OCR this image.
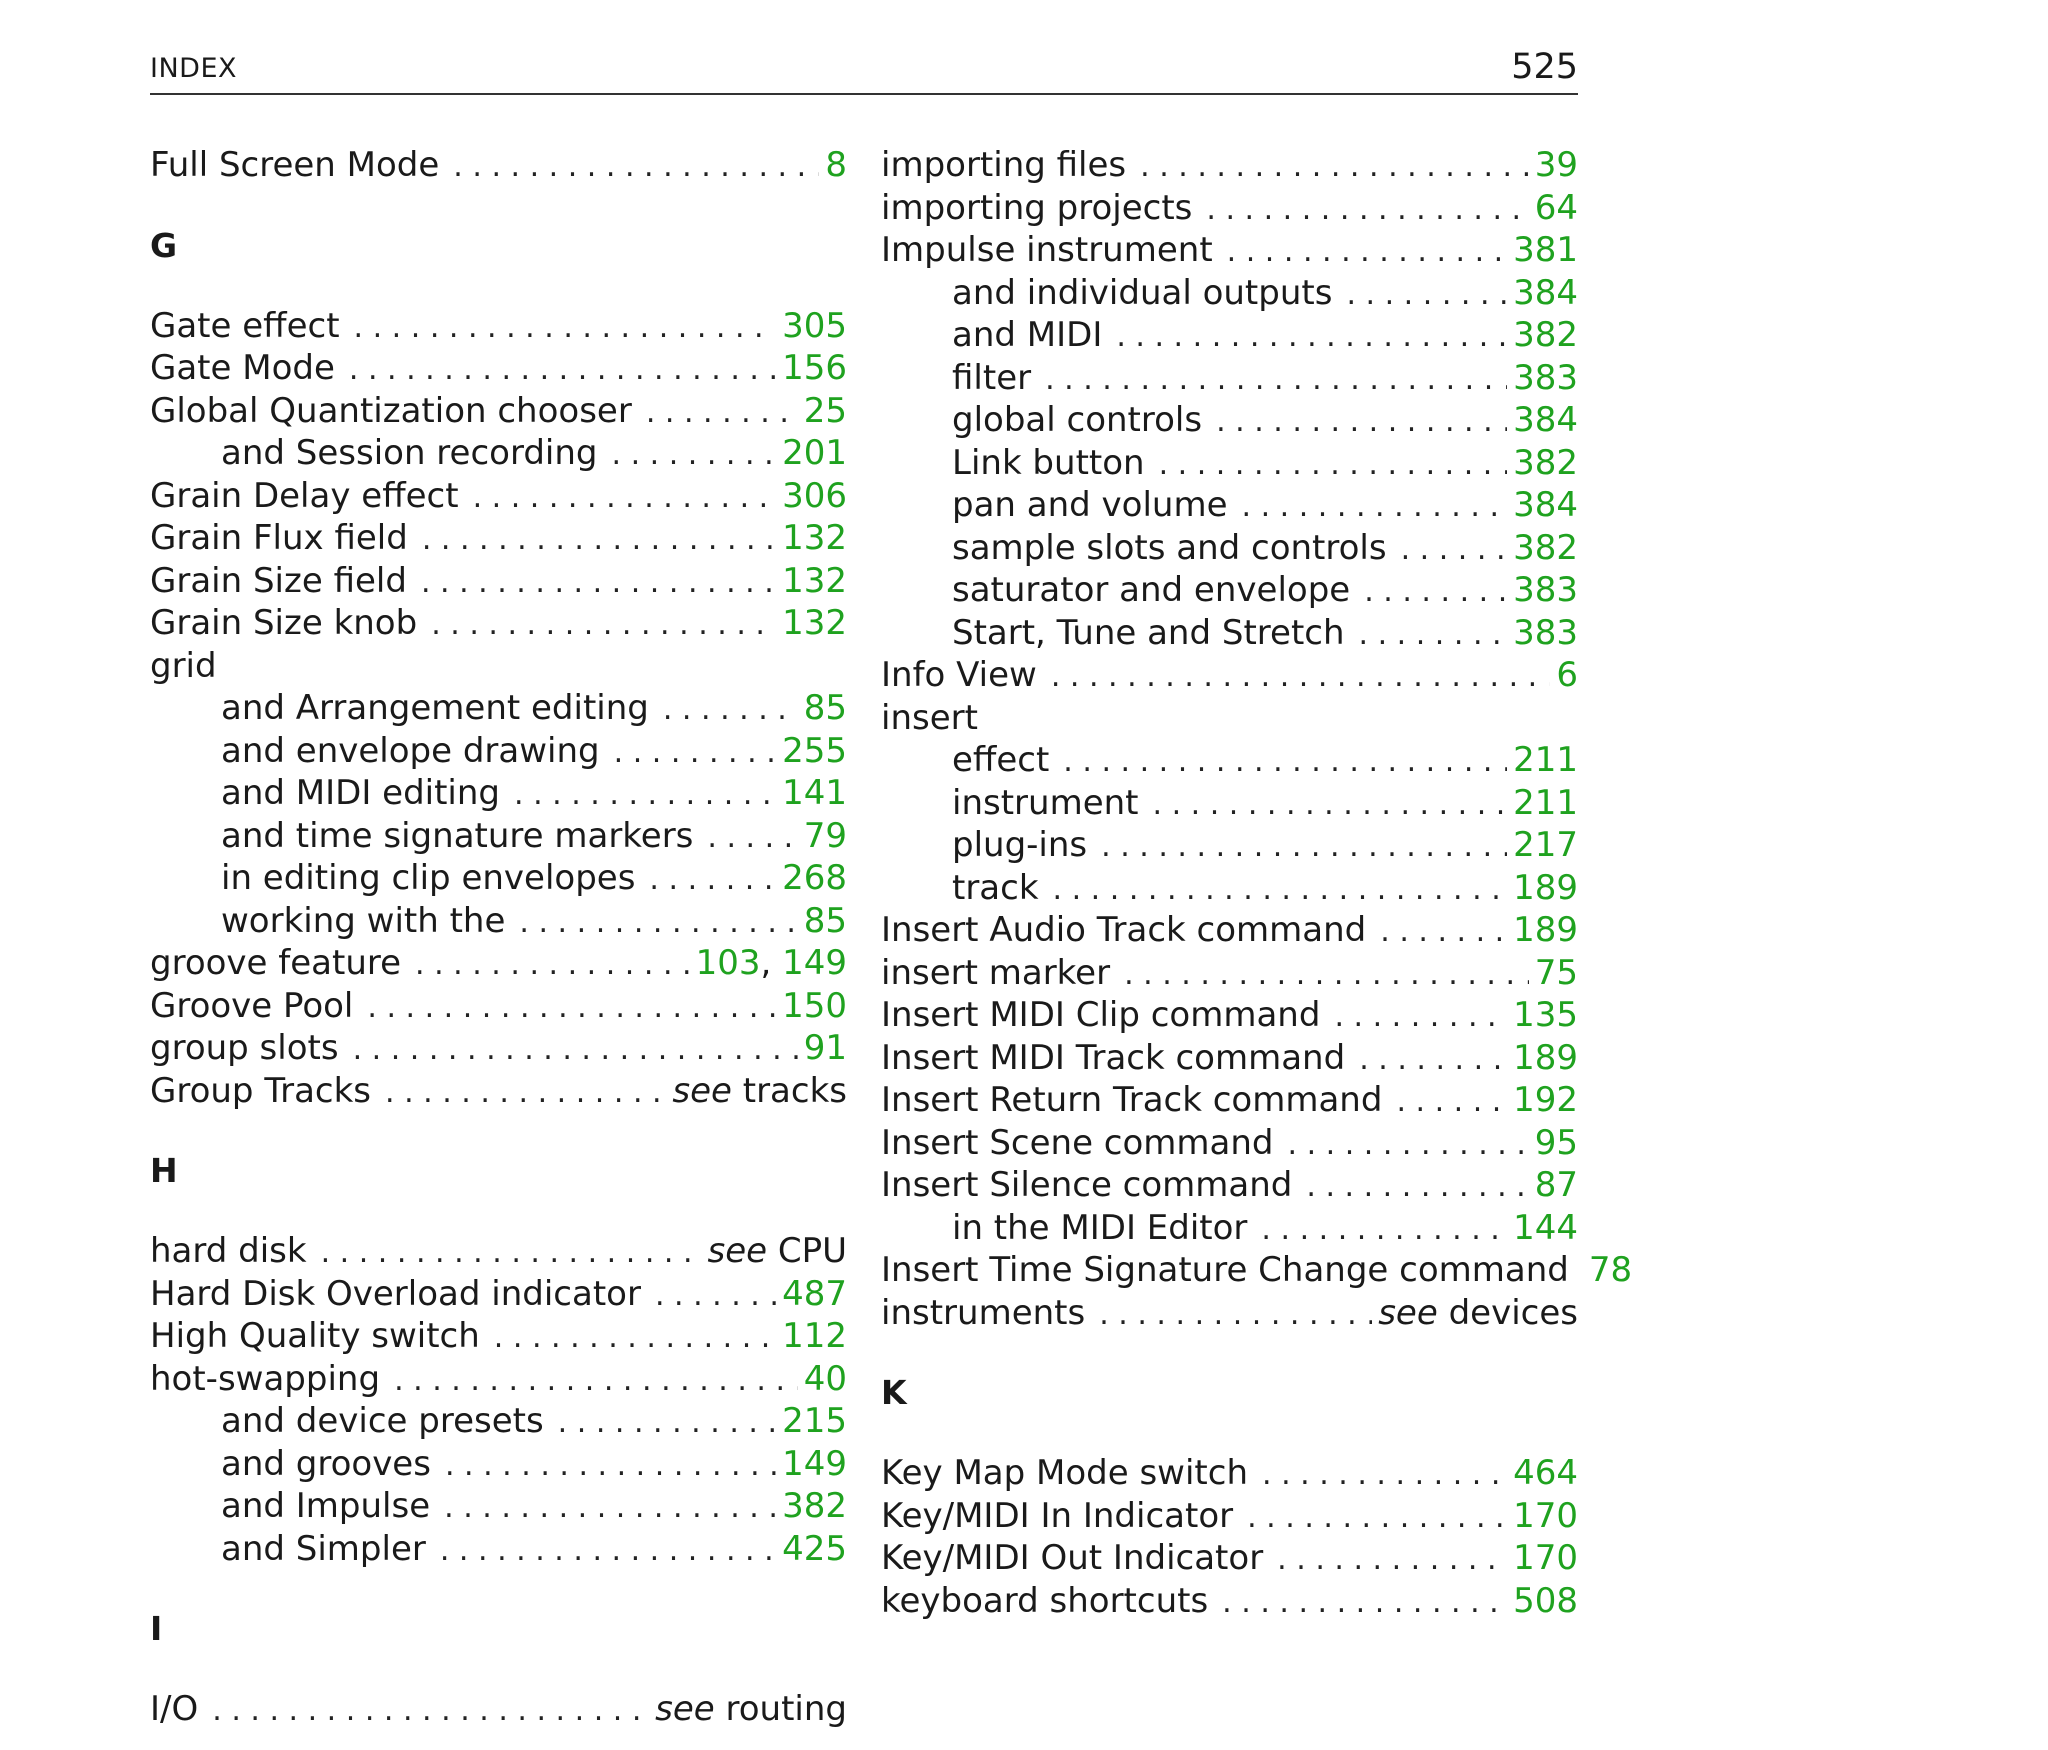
INDEX	525
Full Screen Mode . . .	8
G
Gate effect . . .	305
Gate Mode . . .	156
Global Quantization chooser . . .	25
and Session recording . . .	201
Grain Delay effect . . .	306
Grain Flux field . . .	132
Grain Size field . . .	132
Grain Size knob . . .	132
grid
and Arrangement editing . . .	85
and envelope drawing . . .	255
and MIDI editing . . .	141
and time signature markers . . .	79
in editing clip envelopes . . .	268
working with the . . .	85
groove feature . . .	103, 149
Groove Pool . . .	150
group slots . . .	91
Group Tracks . . .	see tracks
H
hard disk . . .	see CPU
Hard Disk Overload indicator . . .	487
High Quality switch . . .	112
hot-swapping . . .	40
and device presets . . .	215
and grooves . . .	149
and Impulse . . .	382
and Simpler . . .	425
I
I/O . . .	see routing
importing files . . .	39
importing projects . . .	64
Impulse instrument . . .	381
and individual outputs . . .	384
and MIDI . . .	382
filter . . .	383
global controls . . .	384
Link button . . .	382
pan and volume . . .	384
sample slots and controls . . .	382
saturator and envelope . . .	383
Start, Tune and Stretch . . .	383
Info View . . .	6
insert
effect . . .	211
instrument . . .	211
plug-ins . . .	217
track . . .	189
Insert Audio Track command . . .	189
insert marker . . .	75
Insert MIDI Clip command . . .	135
Insert MIDI Track command . . .	189
Insert Return Track command . . .	192
Insert Scene command . . .	95
Insert Silence command . . .	87
in the MIDI Editor . . .	144
Insert Time Signature Change command 78
instruments . . .	see devices
K
Key Map Mode switch . . .	464
Key/MIDI In Indicator . . .	170
Key/MIDI Out Indicator . . .	170
keyboard shortcuts . . .	508
